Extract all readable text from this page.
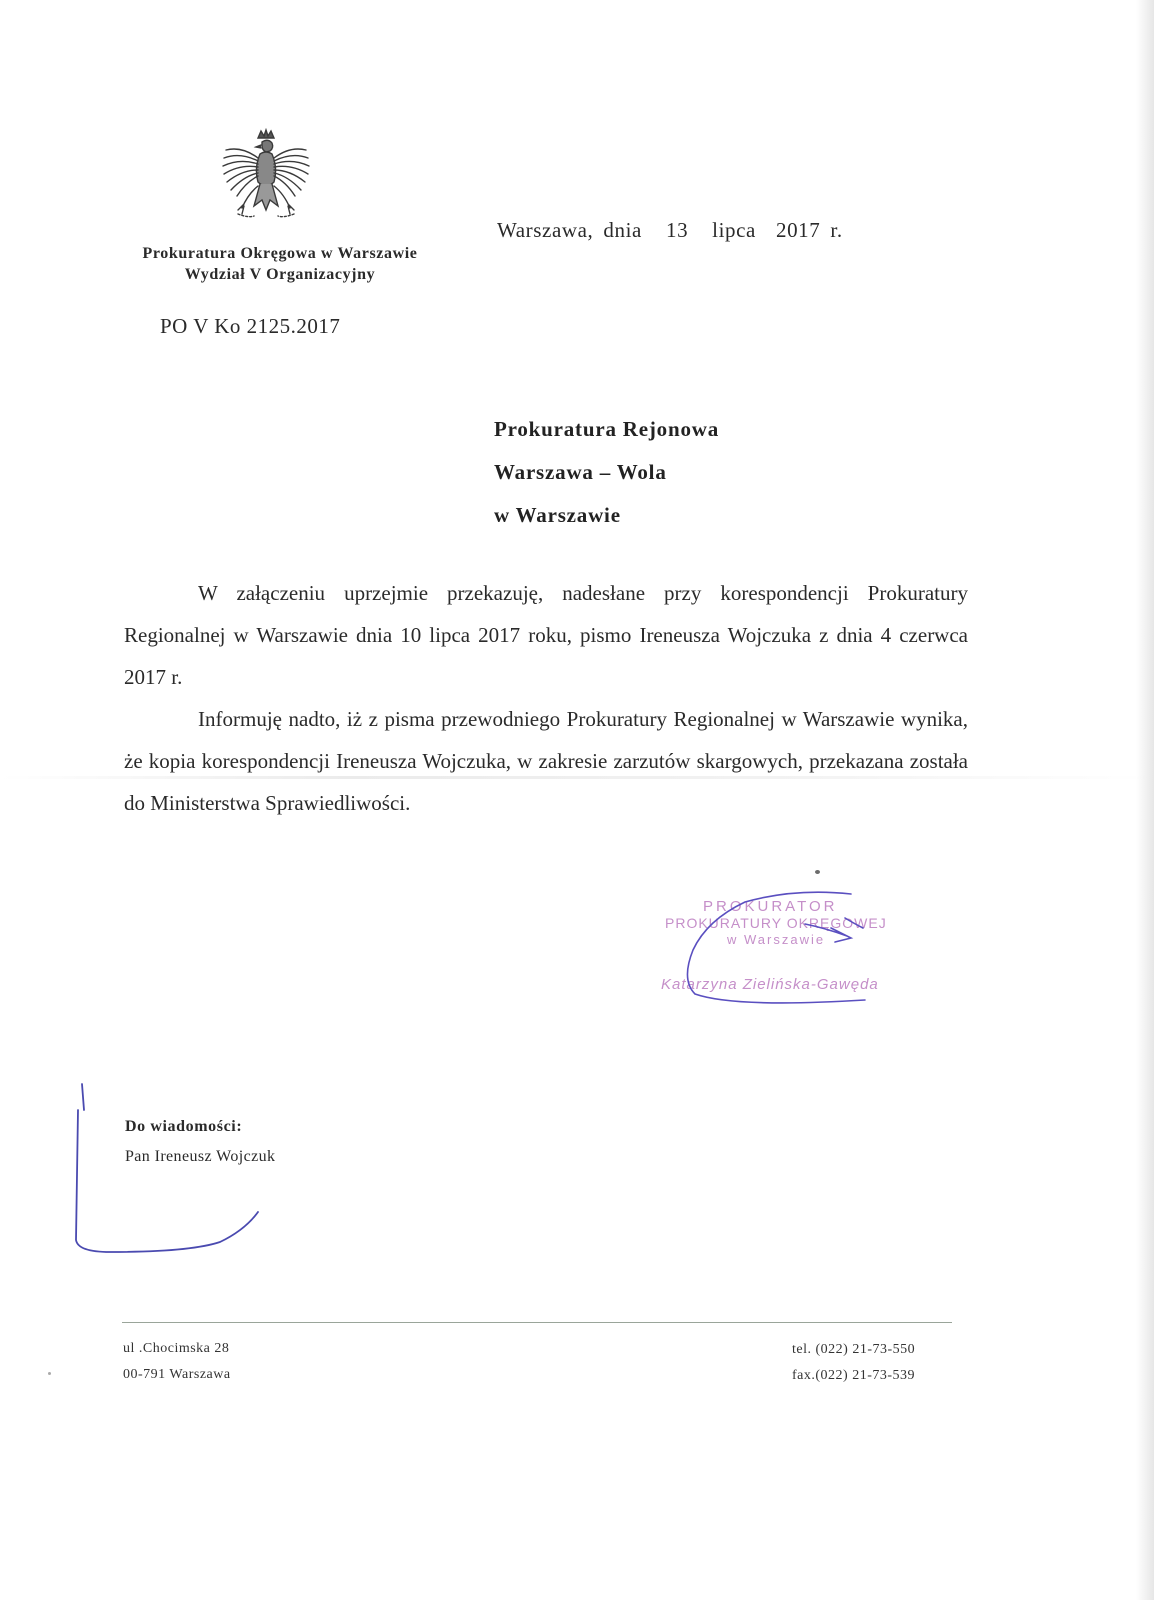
Prokuratura Okręgowa w Warszawie
Wydział V Organizacyjny
Warszawa, dnia 13 lipca 2017 r.
PO V Ko 2125.2017
Prokuratura Rejonowa
Warszawa – Wola
w Warszawie

W załączeniu uprzejmie przekazuję, nadesłane przy korespondencji Prokuratury Regionalnej w Warszawie dnia 10 lipca 2017 roku, pismo Ireneusza Wojczuka z dnia 4 czerwca 2017 r.

Informuję nadto, iż z pisma przewodniego Prokuratury Regionalnej w Warszawie wynika, że kopia korespondencji Ireneusza Wojczuka, w zakresie zarzutów skargowych, przekazana została do Ministerstwa Sprawiedliwości.

PROKURATOR
PROKURATURY OKRĘGOWEJ
w Warszawie
Katarzyna Zielińska-Gawęda
Do wiadomości:
Pan Ireneusz Wojczuk
ul .Chocimska 28
00-791 Warszawa
tel. (022) 21-73-550
fax.(022) 21-73-539
